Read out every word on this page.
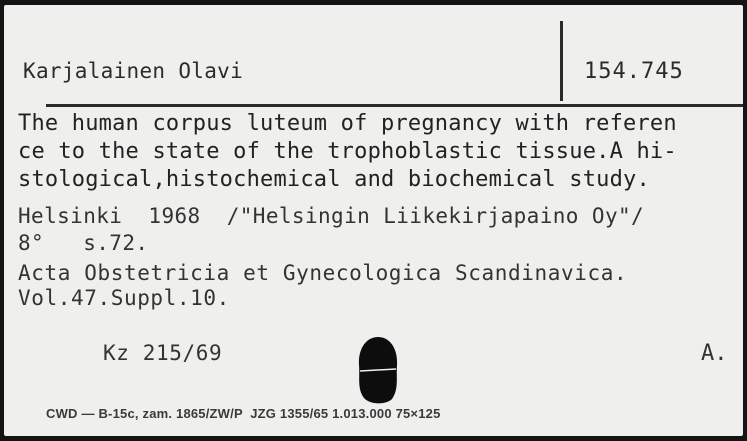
Karjalainen Olavi	154.745
The human corpus luteum of pregnancy with referen
ce to the state of the trophoblastic tissue.A hi-
stological,histochemical and biochemical study.
Helsinki  1968  /"Helsingin Liikekirjapaino Oy"/
8°   s.72.
Acta Obstetricia et Gynecologica Scandinavica.
Vol.47.Suppl.10.
Kz 215/69	A.
CWD — B-15c, zam. 1865/ZW/P  JZG 1355/65 1.013.000 75×125
